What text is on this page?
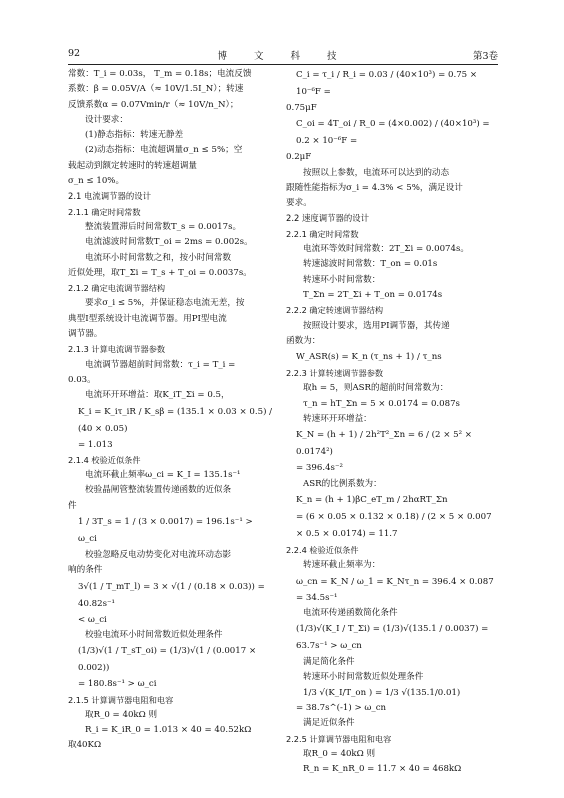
92	博 文 科 技	第3卷

常数：T_i = 0.03s， T_m = 0.18s；电流反馈

系数：β = 0.05V/A（≈ 10V/1.5I_N）；转速

反馈系数α = 0.07Vmin/r（≈ 10V/n_N）；

设计要求：

(1)静态指标：转速无静差

(2)动态指标：电流超调量σ_n ≤ 5%；空

载起动到额定转速时的转速超调量

σ_n ≤ 10%。

2.1 电流调节器的设计

2.1.1 确定时间常数

整流装置滞后时间常数T_s = 0.0017s。

电流滤波时间常数T_oi = 2ms = 0.002s。

电流环小时间常数之和，按小时间常数

近似处理，取T_Σi = T_s + T_oi = 0.0037s。

2.1.2 确定电流调节器结构

要求σ_i ≤ 5%，并保证稳态电流无差，按

典型Ⅰ型系统设计电流调节器。用PI型电流

调节器。

2.1.3 计算电流调节器参数

电流调节器超前时间常数：τ_i = T_i =

0.03。

电流环开环增益：取K_iT_Σi = 0.5，

K_i = K_iτ_iR / K_sβ = (135.1 × 0.03 × 0.5) / (40 × 0.05)

= 1.013

2.1.4 校验近似条件

电流环截止频率ω_ci = K_I = 135.1s⁻¹

校验晶闸管整流装置传递函数的近似条

件

1 / 3T_s = 1 / (3 × 0.0017) = 196.1s⁻¹ > ω_ci

校验忽略反电动势变化对电流环动态影

响的条件

3√(1 / T_mT_l) = 3 × √(1 / (0.18 × 0.03)) = 40.82s⁻¹

< ω_ci

校验电流环小时间常数近似处理条件

(1/3)√(1 / T_sT_oi) = (1/3)√(1 / (0.0017 × 0.002))

= 180.8s⁻¹ > ω_ci

2.1.5 计算调节器电阻和电容

取R_0 = 40kΩ 则

R_i = K_iR_0 = 1.013 × 40 = 40.52kΩ

取40KΩ

C_i = τ_i / R_i = 0.03 / (40×10³) = 0.75 × 10⁻⁶F =

0.75μF

C_oi = 4T_oi / R_0 = (4×0.002) / (40×10³) = 0.2 × 10⁻⁶F =

0.2μF

按照以上参数，电流环可以达到的动态

跟随性能指标为σ_i = 4.3% < 5%，满足设计

要求。

2.2 速度调节器的设计

2.2.1 确定时间常数

电流环等效时间常数：2T_Σi = 0.0074s。

转速滤波时间常数：T_on = 0.01s

转速环小时间常数：

T_Σn = 2T_Σi + T_on = 0.0174s

2.2.2 确定转速调节器结构

按照设计要求，选用PI调节器，其传递

函数为：

W_ASR(s) = K_n (τ_ns + 1) / τ_ns

2.2.3 计算转速调节器参数

取h = 5，则ASR的超前时间常数为：

τ_n = hT_Σn = 5 × 0.0174 = 0.087s

转速环开环增益：

K_N = (h + 1) / 2h²T²_Σn = 6 / (2 × 5² × 0.0174²)

= 396.4s⁻²

ASR的比例系数为：

K_n = (h + 1)βC_eT_m / 2hαRT_Σn

= (6 × 0.05 × 0.132 × 0.18) / (2 × 5 × 0.007 × 0.5 × 0.0174) = 11.7

2.2.4 检验近似条件

转速环截止频率为：

ω_cn = K_N / ω_1 = K_Nτ_n = 396.4 × 0.087

= 34.5s⁻¹

电流环传递函数简化条件

(1/3)√(K_I / T_Σi) = (1/3)√(135.1 / 0.0037) = 63.7s⁻¹ > ω_cn

满足简化条件

转速环小时间常数近似处理条件

1/3 √(K_I/T_on ) = 1/3 √(135.1/0.01)

= 38.7s^(-1) > ω_cn

满足近似条件

2.2.5 计算调节器电阻和电容

取R_0 = 40kΩ 则

R_n = K_nR_0 = 11.7 × 40 = 468kΩ
